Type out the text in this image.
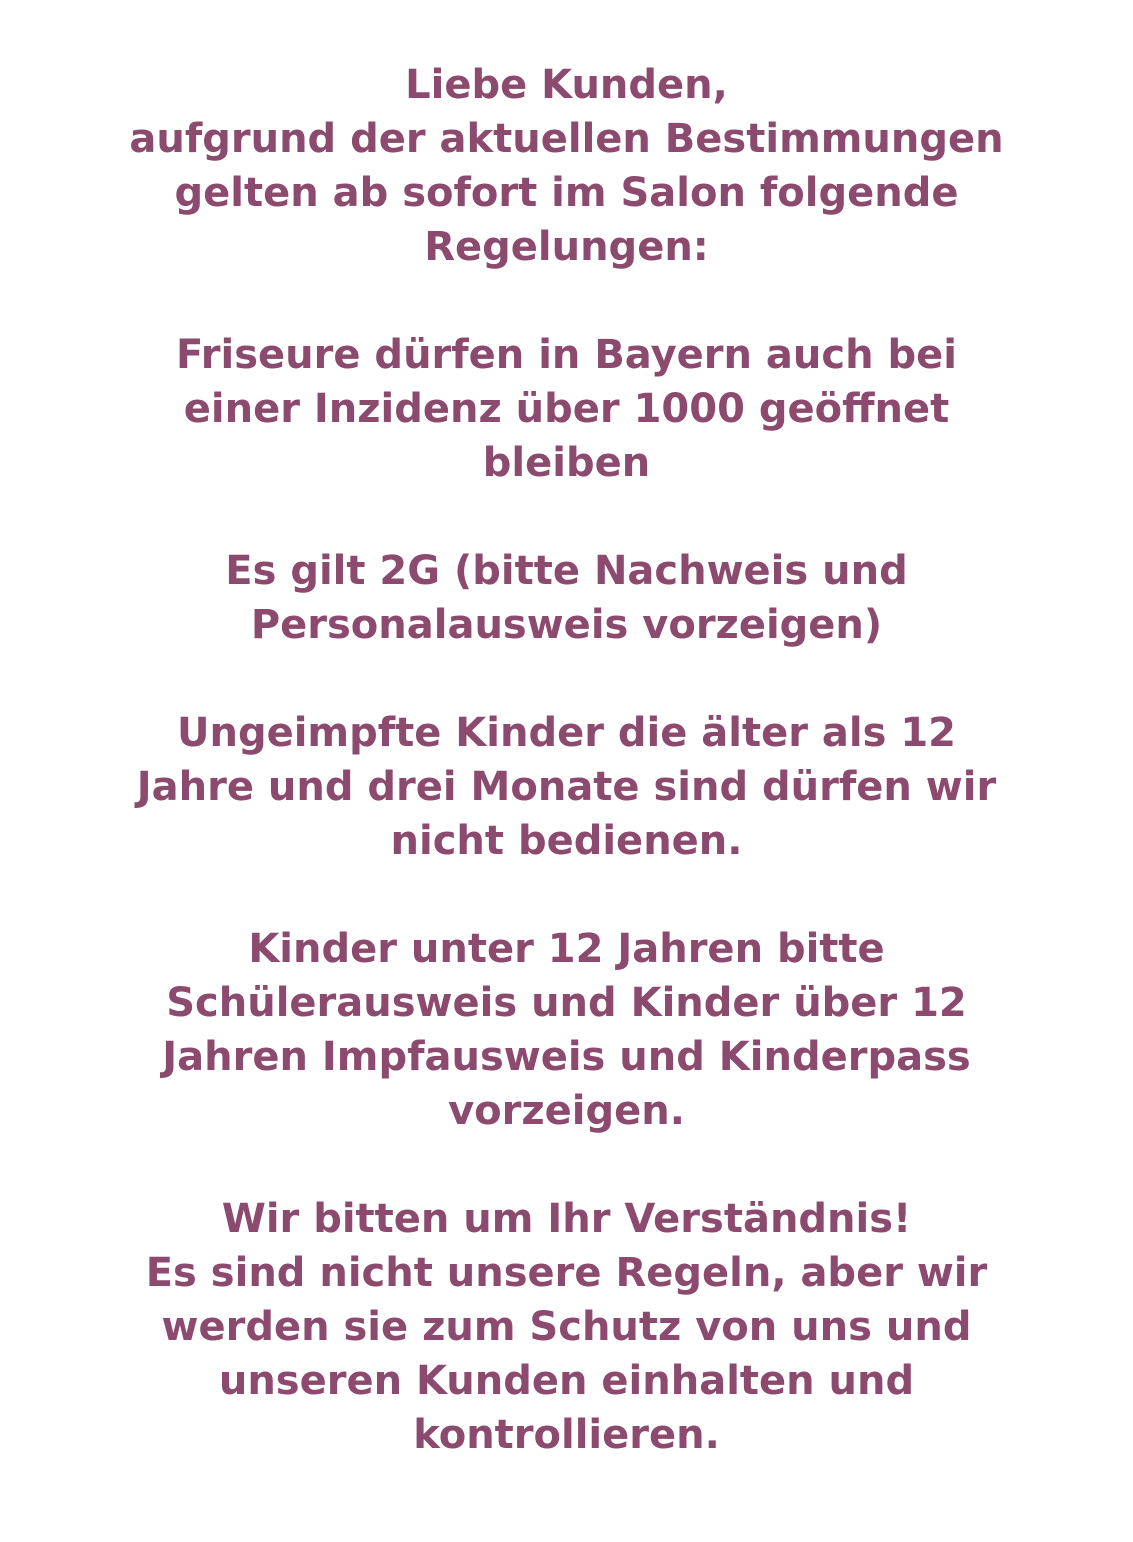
Liebe Kunden,
aufgrund der aktuellen Bestimmungen
gelten ab sofort im Salon folgende
Regelungen:

Friseure dürfen in Bayern auch bei
einer Inzidenz über 1000 geöffnet
bleiben

Es gilt 2G (bitte Nachweis und
Personalausweis vorzeigen)

Ungeimpfte Kinder die älter als 12
Jahre und drei Monate sind dürfen wir
nicht bedienen.

Kinder unter 12 Jahren bitte
Schülerausweis und Kinder über 12
Jahren Impfausweis und Kinderpass
vorzeigen.

Wir bitten um Ihr Verständnis!
Es sind nicht unsere Regeln, aber wir
werden sie zum Schutz von uns und
unseren Kunden einhalten und
kontrollieren.
